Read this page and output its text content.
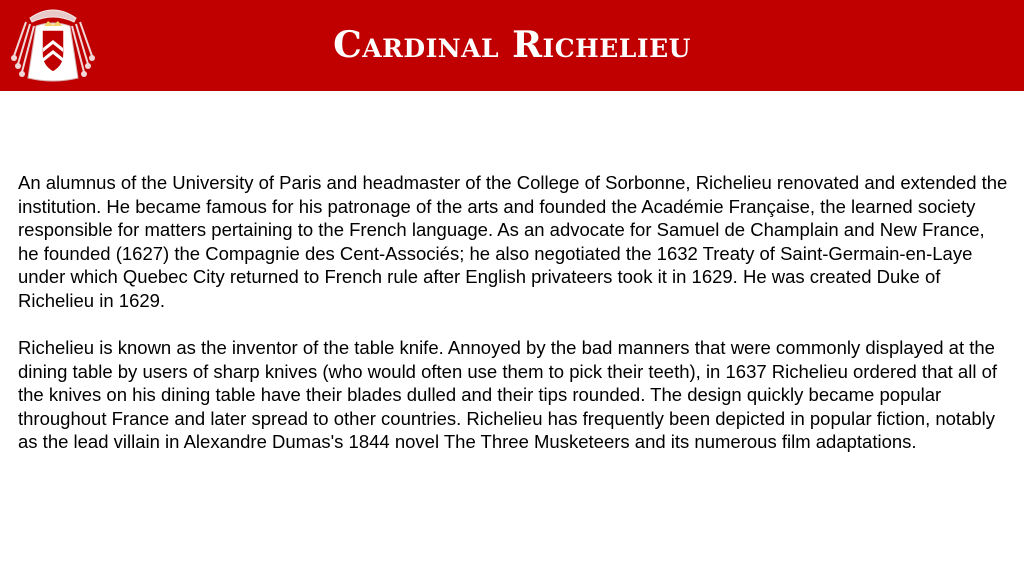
Cardinal Richelieu

An alumnus of the University of Paris and headmaster of the College of Sorbonne, Richelieu renovated and extended the institution. He became famous for his patronage of the arts and founded the Académie Française, the learned society responsible for matters pertaining to the French language. As an advocate for Samuel de Champlain and New France, he founded (1627) the Compagnie des Cent-Associés; he also negotiated the 1632 Treaty of Saint-Germain-en-Laye under which Quebec City returned to French rule after English privateers took it in 1629. He was created Duke of Richelieu in 1629.

Richelieu is known as the inventor of the table knife. Annoyed by the bad manners that were commonly displayed at the dining table by users of sharp knives (who would often use them to pick their teeth), in 1637 Richelieu ordered that all of the knives on his dining table have their blades dulled and their tips rounded. The design quickly became popular throughout France and later spread to other countries. Richelieu has frequently been depicted in popular fiction, notably as the lead villain in Alexandre Dumas's 1844 novel The Three Musketeers and its numerous film adaptations.
